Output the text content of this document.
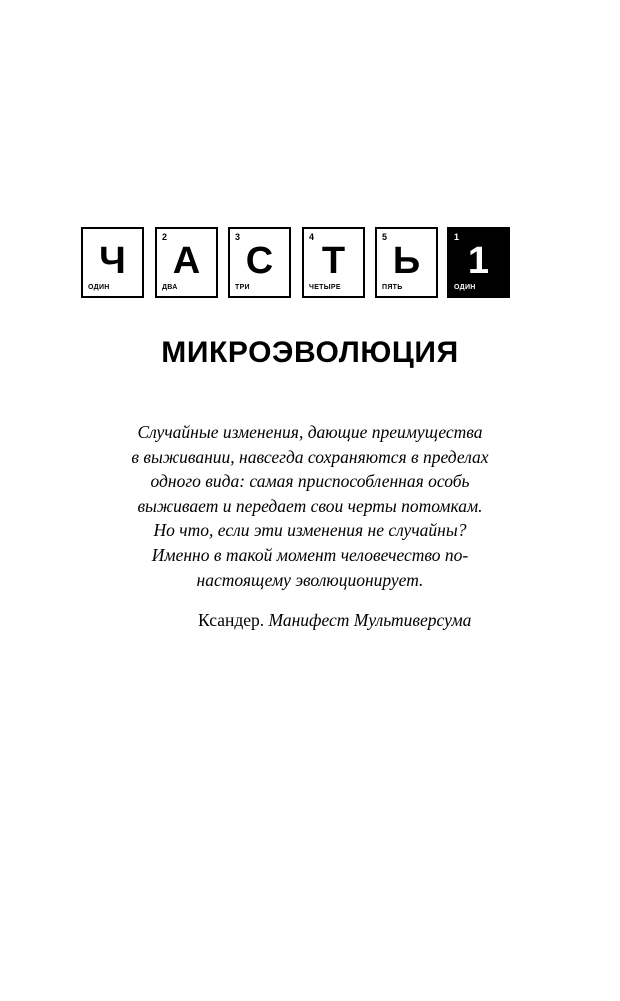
Ч
ОДИН
2
А
ДВА
3
С
ТРИ
4
Т
ЧЕТЫРЕ
5
Ь
ПЯТЬ
1
1
ОДИН
МИКРОЭВОЛЮЦИЯ
Случайные изменения, дающие преимущества
в выживании, навсегда сохраняются в пределах
одного вида: самая приспособленная особь
выживает и передает свои черты потомкам.
Но что, если эти изменения не случайны?
Именно в такой момент человечество по-
настоящему эволюционирует.
Ксандер. Манифест Мультиверсума
